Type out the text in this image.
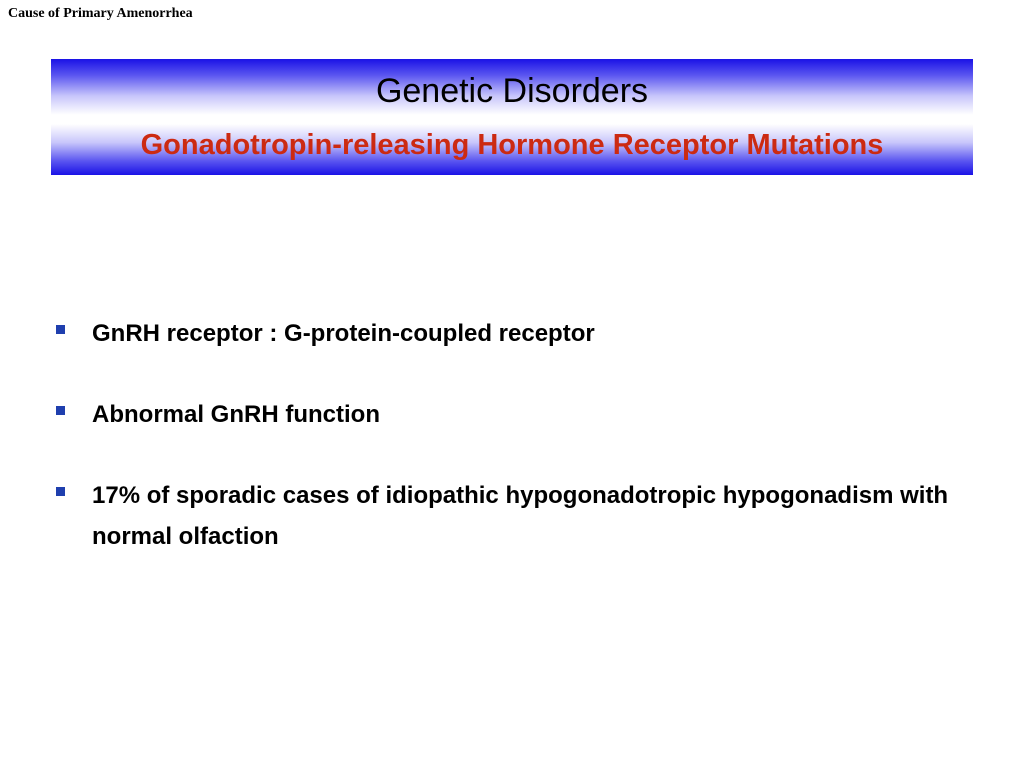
Cause of Primary Amenorrhea
Genetic Disorders
Gonadotropin-releasing Hormone Receptor Mutations
GnRH receptor : G-protein-coupled receptor
Abnormal GnRH function
17% of sporadic cases of idiopathic hypogonadotropic hypogonadism with normal olfaction
